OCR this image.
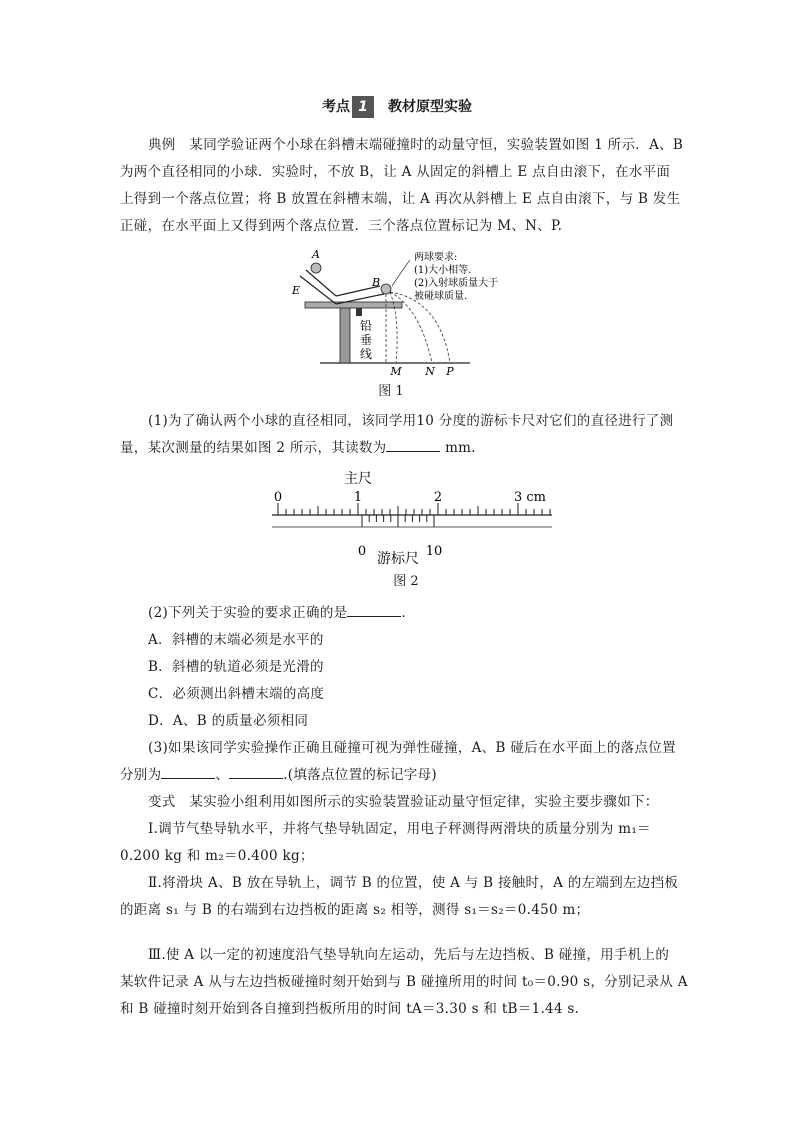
考点 1 教材原型实验
典例　某同学验证两个小球在斜槽末端碰撞时的动量守恒，实验装置如图 1 所示．A、B
为两个直径相同的小球．实验时，不放 B，让 A 从固定的斜槽上 E 点自由滚下，在水平面
上得到一个落点位置；将 B 放置在斜槽末端，让 A 再次从斜槽上 E 点自由滚下，与 B 发生
正碰，在水平面上又得到两个落点位置．三个落点位置标记为 M、N、P.
A
E
B
铅
垂
线
M N P
两球要求:
(1)大小相等.
(2)入射球质量大于
被碰球质量.
图 1
(1)为了确认两个小球的直径相同，该同学用10 分度的游标卡尺对它们的直径进行了测
量，某次测量的结果如图 2 所示，其读数为	mm.
主尺
0	1	2	3 cm
0	10
游标尺
图 2
(2)下列关于实验的要求正确的是	．
A．斜槽的末端必须是水平的
B．斜槽的轨道必须是光滑的
C．必须测出斜槽末端的高度
D．A、B 的质量必须相同
(3)如果该同学实验操作正确且碰撞可视为弹性碰撞，A、B 碰后在水平面上的落点位置
分别为	、	.(填落点位置的标记字母)
变式　某实验小组利用如图所示的实验装置验证动量守恒定律，实验主要步骤如下：
Ⅰ.调节气垫导轨水平，并将气垫导轨固定，用电子秤测得两滑块的质量分别为 m₁＝
0.200 kg 和 m₂＝0.400 kg；
Ⅱ.将滑块 A、B 放在导轨上，调节 B 的位置，使 A 与 B 接触时，A 的左端到左边挡板
的距离 s₁ 与 B 的右端到右边挡板的距离 s₂ 相等，测得 s₁＝s₂＝0.450 m；
Ⅲ.使 A 以一定的初速度沿气垫导轨向左运动，先后与左边挡板、B 碰撞，用手机上的
某软件记录 A 从与左边挡板碰撞时刻开始到与 B 碰撞所用的时间 t₀＝0.90 s，分别记录从 A
和 B 碰撞时刻开始到各自撞到挡板所用的时间 tA＝3.30 s 和 tB＝1.44 s.
